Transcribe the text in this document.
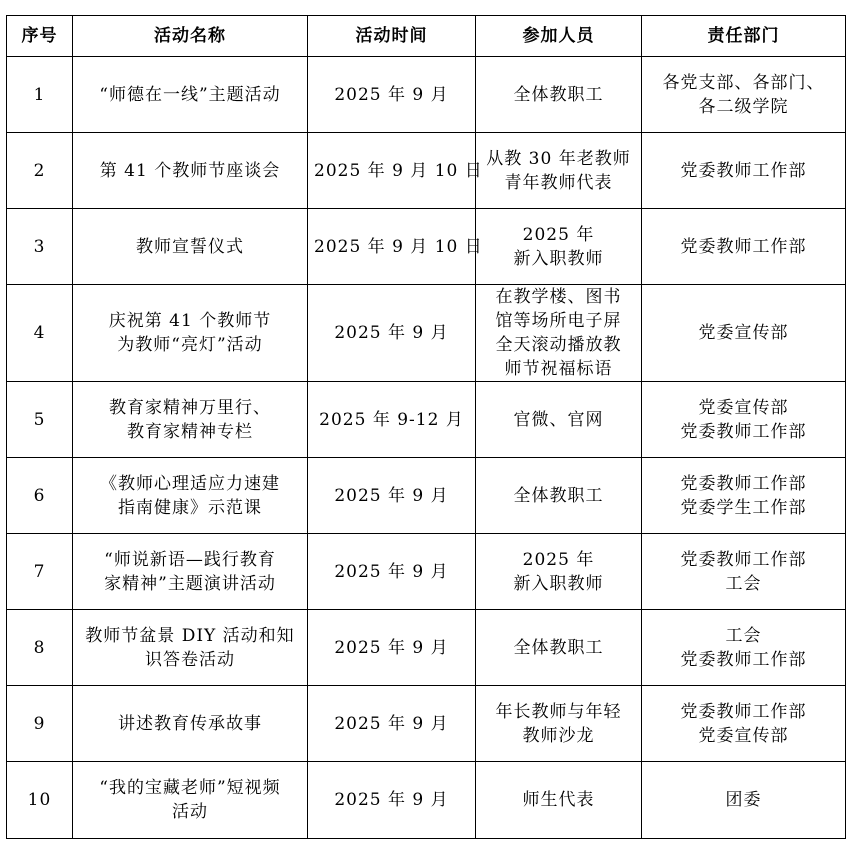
序号	活动名称	活动时间	参加人员	责任部门
1	“师德在一线”主题活动	2025 年 9 月	全体教职工	各党支部、各部门、
各二级学院

2	第 41 个教师节座谈会	2025 年 9 月 10 日	从教 30 年老教师
青年教师代表	党委教师工作部

3	教师宣誓仪式	2025 年 9 月 10 日	2025 年
新入职教师	党委教师工作部

4	庆祝第 41 个教师节
为教师“亮灯”活动	2025 年 9 月	在教学楼、图书
馆等场所电子屏
全天滚动播放教
师节祝福标语	党委宣传部

5	教育家精神万里行、
教育家精神专栏	2025 年 9-12 月	官微、官网	党委宣传部
党委教师工作部

6	《教师心理适应力速建
指南健康》示范课	2025 年 9 月	全体教职工	党委教师工作部
党委学生工作部

7	“师说新语—践行教育
家精神”主题演讲活动	2025 年 9 月	2025 年
新入职教师	党委教师工作部
工会

8	教师节盆景 DIY 活动和知
识答卷活动	2025 年 9 月	全体教职工	工会
党委教师工作部

9	讲述教育传承故事	2025 年 9 月	年长教师与年轻
教师沙龙	党委教师工作部
党委宣传部

10	“我的宝藏老师”短视频
活动	2025 年 9 月	师生代表	团委
